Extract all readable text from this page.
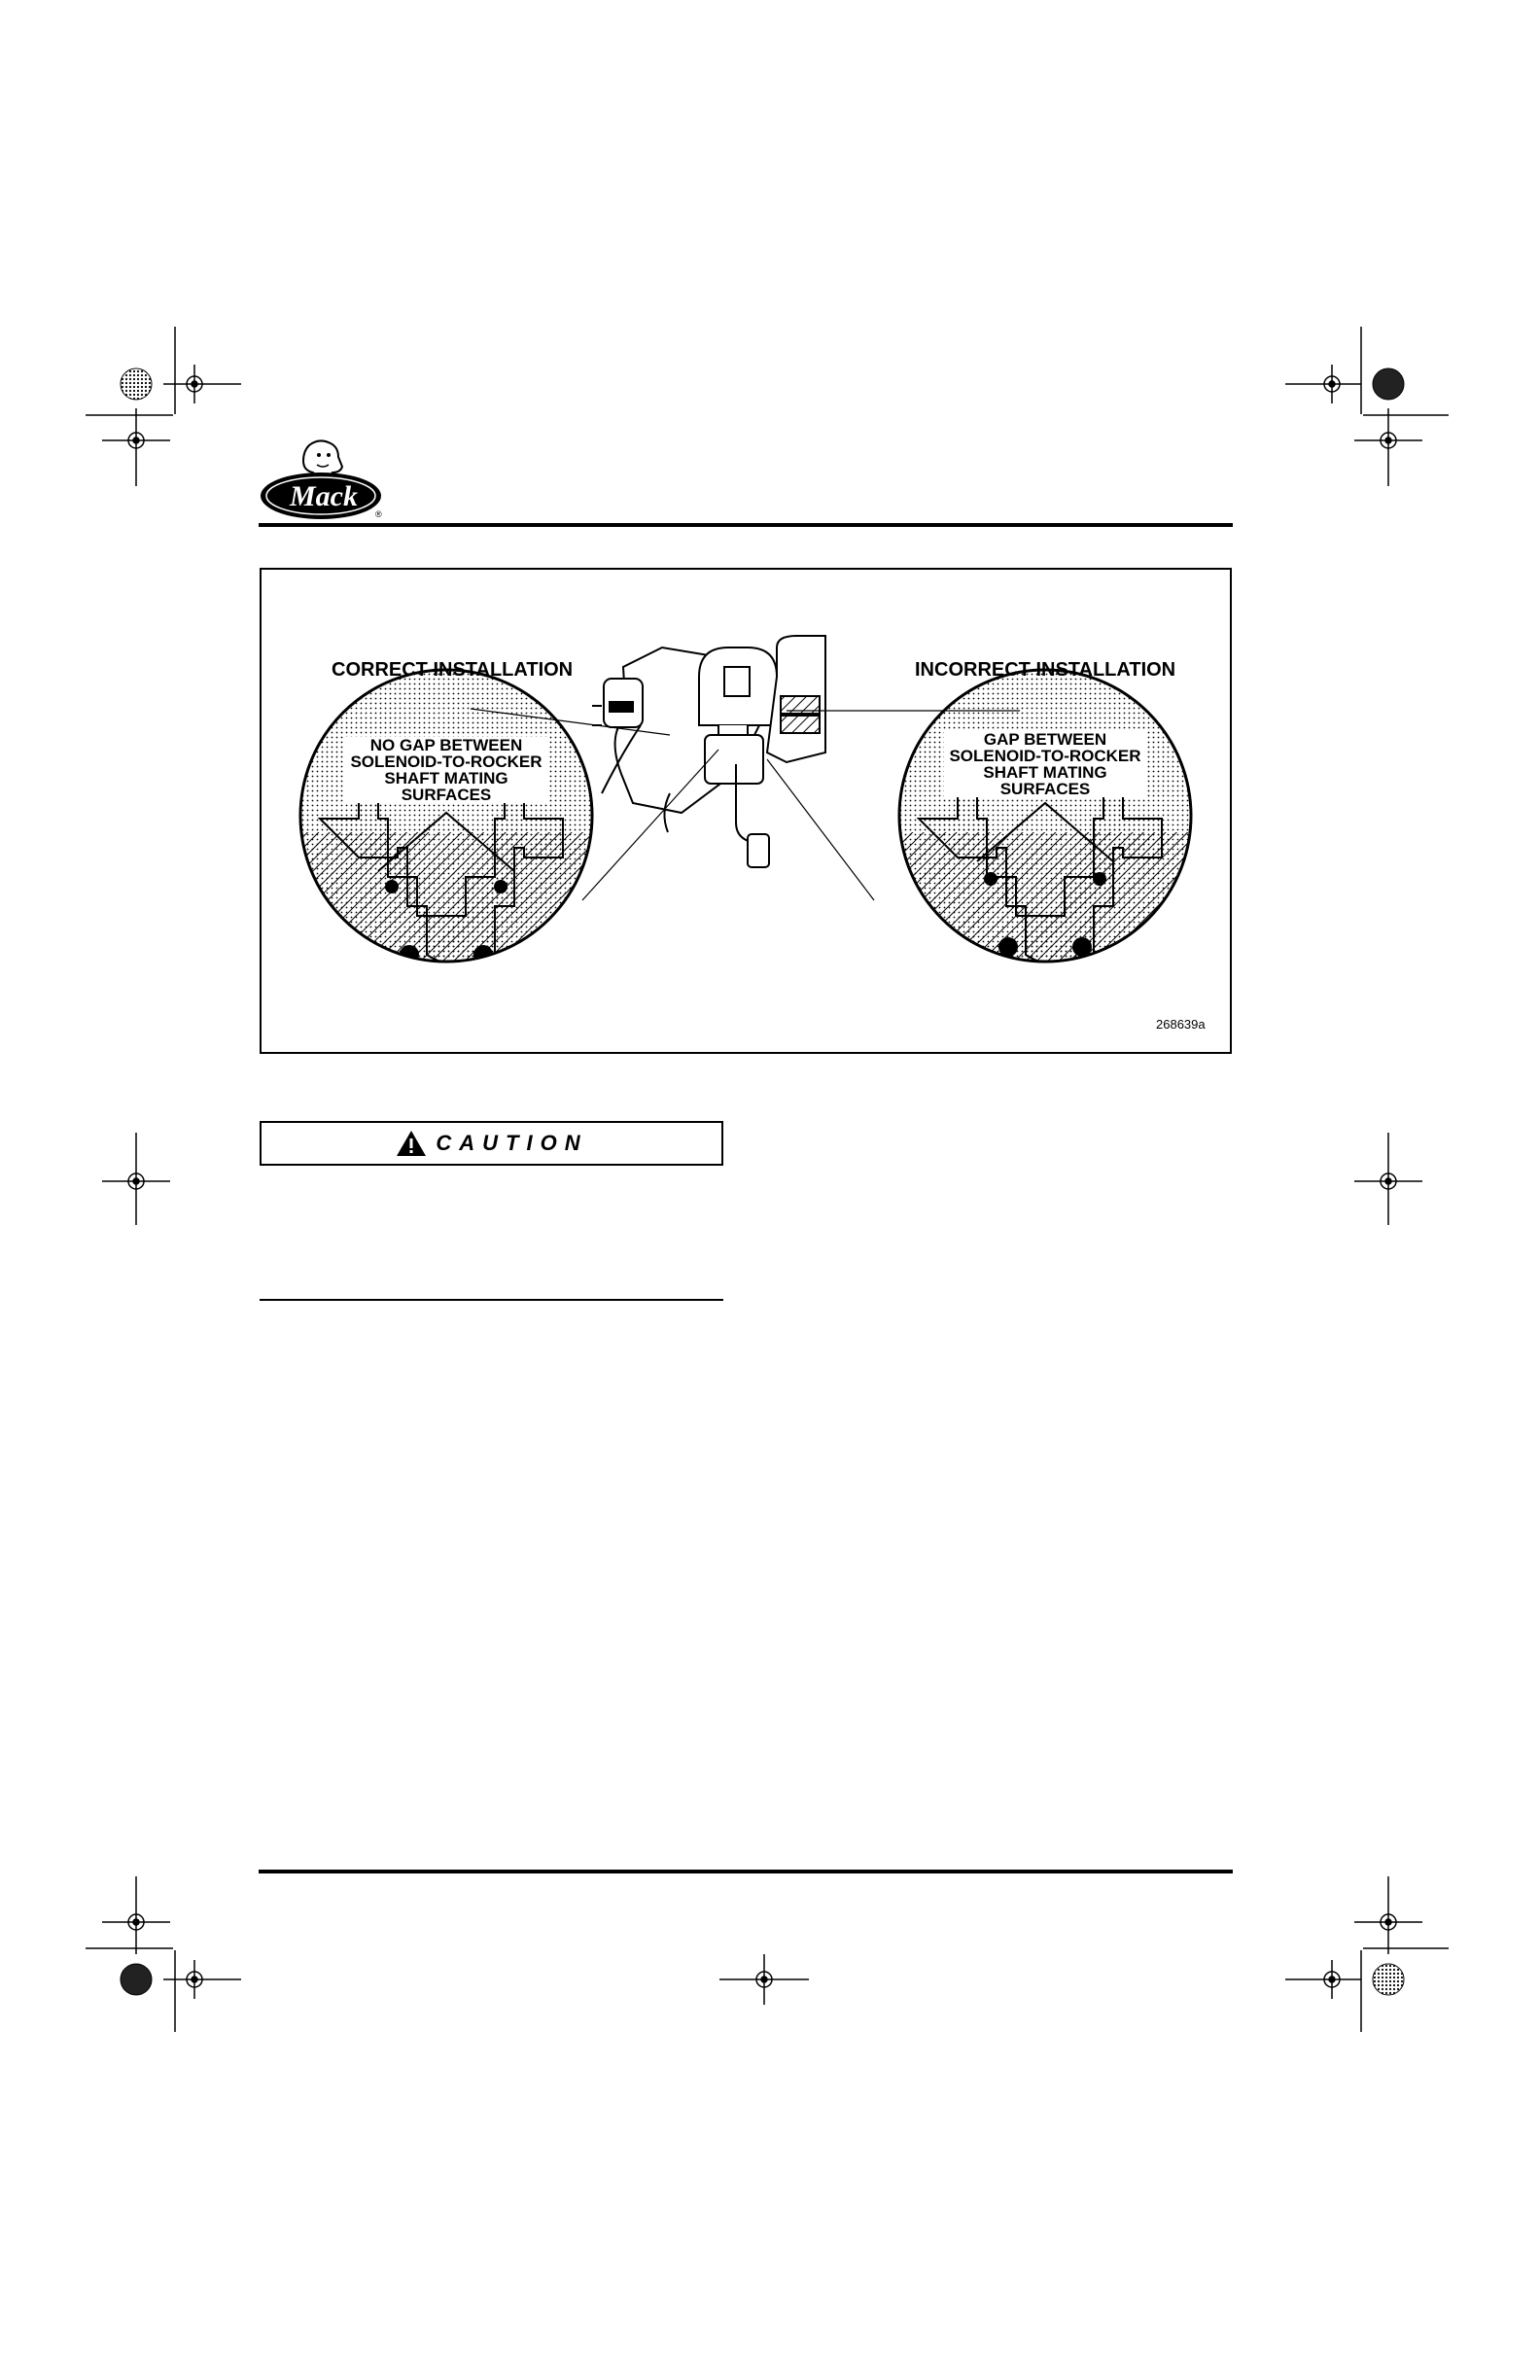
Mack
®
CORRECT INSTALLATION	INCORRECT INSTALLATION
NO GAP BETWEEN
SOLENOID-TO-ROCKER
SHAFT MATING
SURFACES
GAP BETWEEN
SOLENOID-TO-ROCKER
SHAFT MATING
SURFACES
268639a
CAUTION
